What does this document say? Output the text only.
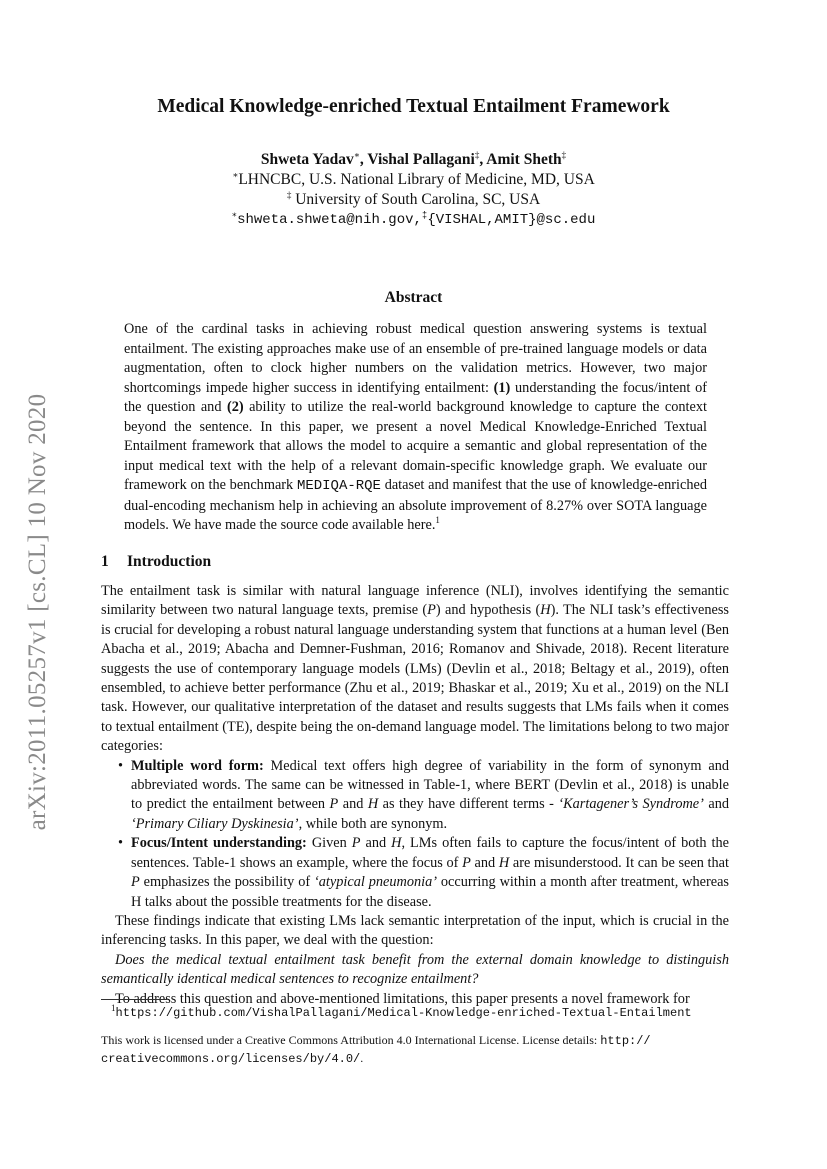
arXiv:2011.05257v1 [cs.CL] 10 Nov 2020
Medical Knowledge-enriched Textual Entailment Framework
Shweta Yadav∗, Vishal Pallagani‡, Amit Sheth‡
∗LHNCBC, U.S. National Library of Medicine, MD, USA
‡ University of South Carolina, SC, USA
∗shweta.shweta@nih.gov,‡{VISHAL,AMIT}@sc.edu
Abstract
One of the cardinal tasks in achieving robust medical question answering systems is textual entailment. The existing approaches make use of an ensemble of pre-trained language models or data augmentation, often to clock higher numbers on the validation metrics. However, two major shortcomings impede higher success in identifying entailment: (1) understanding the focus/intent of the question and (2) ability to utilize the real-world background knowledge to capture the context beyond the sentence. In this paper, we present a novel Medical Knowledge-Enriched Textual Entailment framework that allows the model to acquire a semantic and global representation of the input medical text with the help of a relevant domain-specific knowledge graph. We evaluate our framework on the benchmark MEDIQA-RQE dataset and manifest that the use of knowledge-enriched dual-encoding mechanism help in achieving an absolute improvement of 8.27% over SOTA language models. We have made the source code available here.$^1$
1 Introduction

The entailment task is similar with natural language inference (NLI), involves identifying the semantic similarity between two natural language texts, premise (P) and hypothesis (H). The NLI task’s effectiveness is crucial for developing a robust natural language understanding system that functions at a human level (Ben Abacha et al., 2019; Abacha and Demner-Fushman, 2016; Romanov and Shivade, 2018). Recent literature suggests the use of contemporary language models (LMs) (Devlin et al., 2018; Beltagy et al., 2019), often ensembled, to achieve better performance (Zhu et al., 2019; Bhaskar et al., 2019; Xu et al., 2019) on the NLI task. However, our qualitative interpretation of the dataset and results suggests that LMs fails when it comes to textual entailment (TE), despite being the on-demand language model. The limitations belong to two major categories:

• Multiple word form: Medical text offers high degree of variability in the form of synonym and abbreviated words. The same can be witnessed in Table-1, where BERT (Devlin et al., 2018) is unable to predict the entailment between P and H as they have different terms - ‘Kartagener’s Syndrome’ and ‘Primary Ciliary Dyskinesia’, while both are synonym.
• Focus/Intent understanding: Given P and H, LMs often fails to capture the focus/intent of both the sentences. Table-1 shows an example, where the focus of P and H are misunderstood. It can be seen that P emphasizes the possibility of ‘atypical pneumonia’ occurring within a month after treatment, whereas H talks about the possible treatments for the disease.

These findings indicate that existing LMs lack semantic interpretation of the input, which is crucial in the inferencing tasks. In this paper, we deal with the question:

Does the medical textual entailment task benefit from the external domain knowledge to distinguish semantically identical medical sentences to recognize entailment?

To address this question and above-mentioned limitations, this paper presents a novel framework for

$^1$https://github.com/VishalPallagani/Medical-Knowledge-enriched-Textual-Entailment
This work is licensed under a Creative Commons Attribution 4.0 International License. License details: http://
creativecommons.org/licenses/by/4.0/.
